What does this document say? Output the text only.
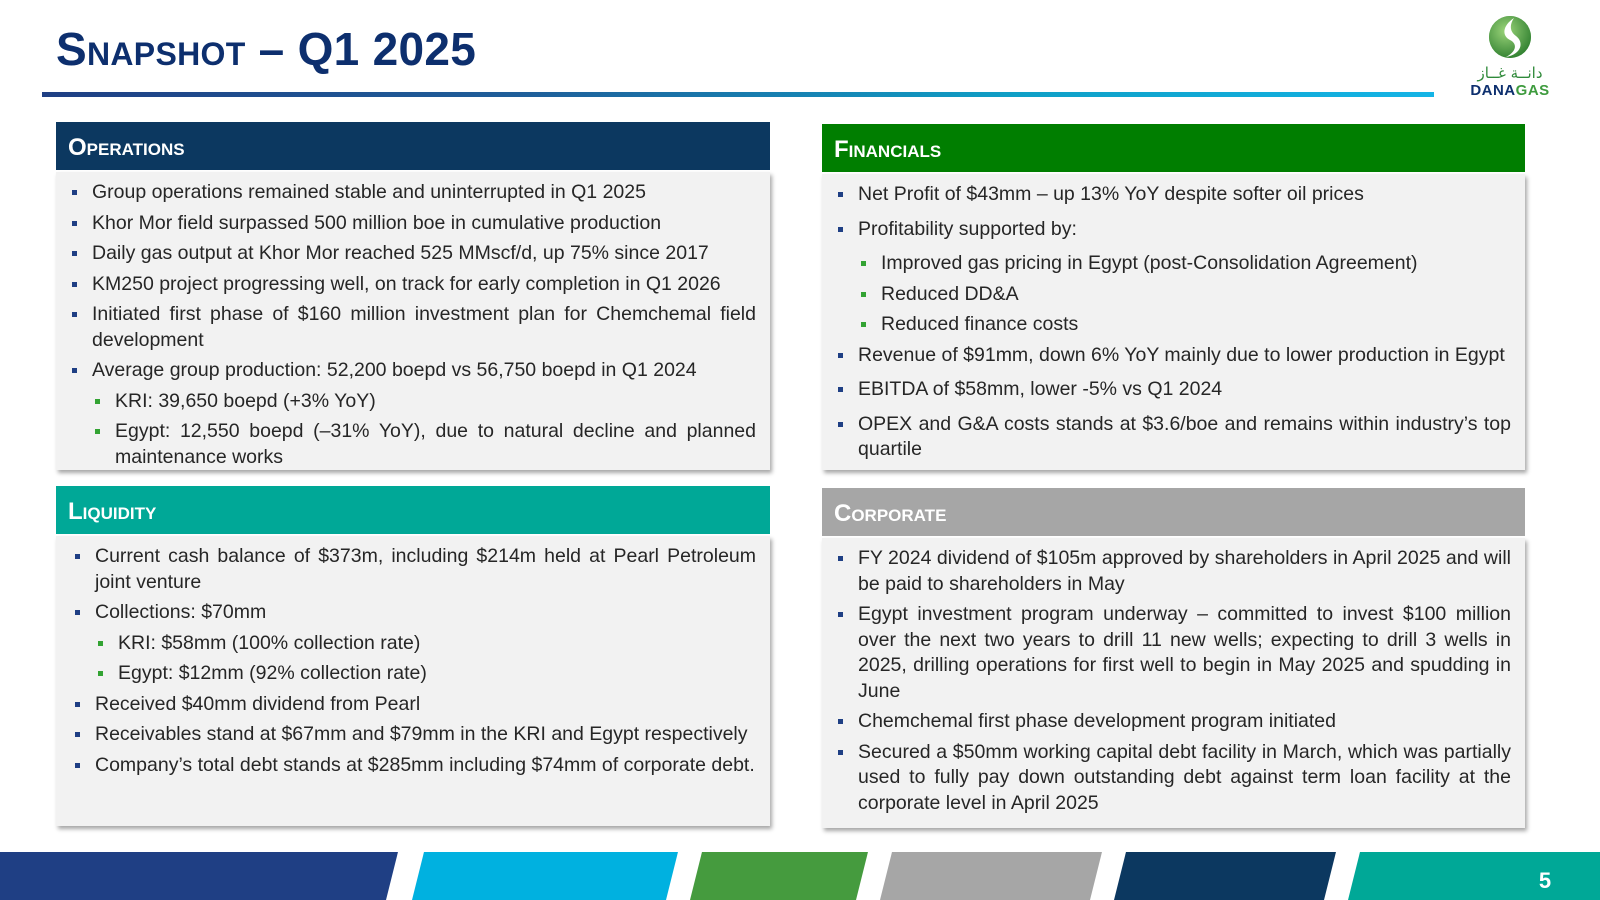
Snapshot – Q1 2025	دانــة غــاز
DANAGAS
Operations
Group operations remained stable and uninterrupted in Q1 2025
Khor Mor field surpassed 500 million boe in cumulative production
Daily gas output at Khor Mor reached 525 MMscf/d, up 75% since 2017
KM250 project progressing well, on track for early completion in Q1 2026
Initiated first phase of $160 million investment plan for Chemchemal field development
Average group production: 52,200 boepd vs 56,750 boepd in Q1 2024
KRI: 39,650 boepd (+3% YoY)
Egypt: 12,550 boepd (–31% YoY), due to natural decline and planned maintenance works
Financials
Net Profit of $43mm – up 13% YoY despite softer oil prices
Profitability supported by:
Improved gas pricing in Egypt (post-Consolidation Agreement)
Reduced DD&A
Reduced finance costs
Revenue of $91mm, down 6% YoY mainly due to lower production in Egypt
EBITDA of $58mm, lower -5% vs Q1 2024
OPEX and G&A costs stands at $3.6/boe and remains within industry’s top quartile
Liquidity
Current cash balance of $373m, including $214m held at Pearl Petroleum joint venture
Collections: $70mm
KRI: $58mm (100% collection rate)
Egypt: $12mm (92% collection rate)
Received $40mm dividend from Pearl
Receivables stand at $67mm and $79mm in the KRI and Egypt respectively
Company’s total debt stands at $285mm including $74mm of corporate debt.
Corporate
FY 2024 dividend of $105m approved by shareholders in April 2025 and will be paid to shareholders in May
Egypt investment program underway – committed to invest $100 million over the next two years to drill 11 new wells; expecting to drill 3 wells in 2025, drilling operations for first well to begin in May 2025 and spudding in June
Chemchemal first phase development program initiated
Secured a $50mm working capital debt facility in March, which was partially used to fully pay down outstanding debt against term loan facility at the corporate level in April 2025
5
